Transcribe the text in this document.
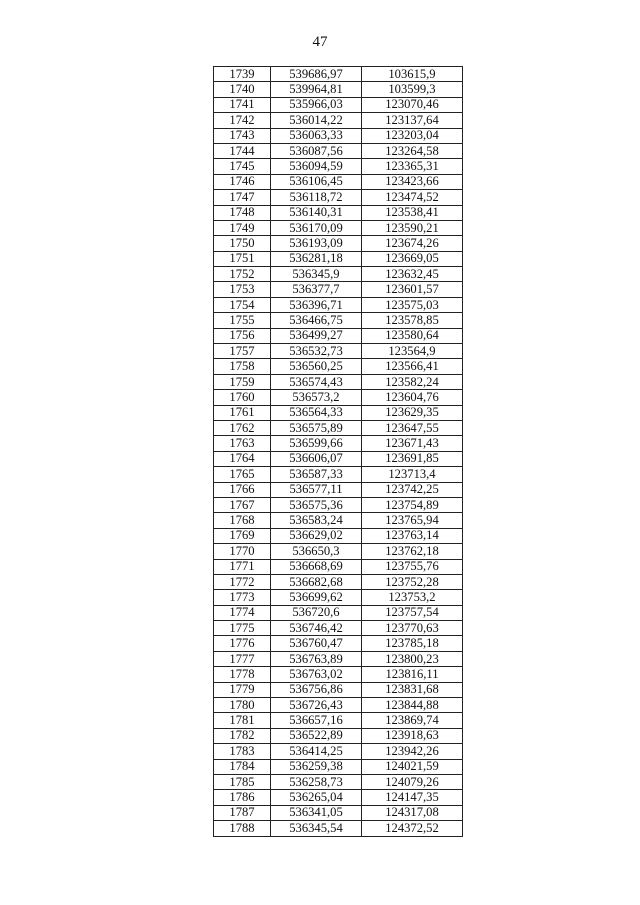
47
1739	539686,97	103615,9
1740	539964,81	103599,3
1741	535966,03	123070,46
1742	536014,22	123137,64
1743	536063,33	123203,04
1744	536087,56	123264,58
1745	536094,59	123365,31
1746	536106,45	123423,66
1747	536118,72	123474,52
1748	536140,31	123538,41
1749	536170,09	123590,21
1750	536193,09	123674,26
1751	536281,18	123669,05
1752	536345,9	123632,45
1753	536377,7	123601,57
1754	536396,71	123575,03
1755	536466,75	123578,85
1756	536499,27	123580,64
1757	536532,73	123564,9
1758	536560,25	123566,41
1759	536574,43	123582,24
1760	536573,2	123604,76
1761	536564,33	123629,35
1762	536575,89	123647,55
1763	536599,66	123671,43
1764	536606,07	123691,85
1765	536587,33	123713,4
1766	536577,11	123742,25
1767	536575,36	123754,89
1768	536583,24	123765,94
1769	536629,02	123763,14
1770	536650,3	123762,18
1771	536668,69	123755,76
1772	536682,68	123752,28
1773	536699,62	123753,2
1774	536720,6	123757,54
1775	536746,42	123770,63
1776	536760,47	123785,18
1777	536763,89	123800,23
1778	536763,02	123816,11
1779	536756,86	123831,68
1780	536726,43	123844,88
1781	536657,16	123869,74
1782	536522,89	123918,63
1783	536414,25	123942,26
1784	536259,38	124021,59
1785	536258,73	124079,26
1786	536265,04	124147,35
1787	536341,05	124317,08
1788	536345,54	124372,52
